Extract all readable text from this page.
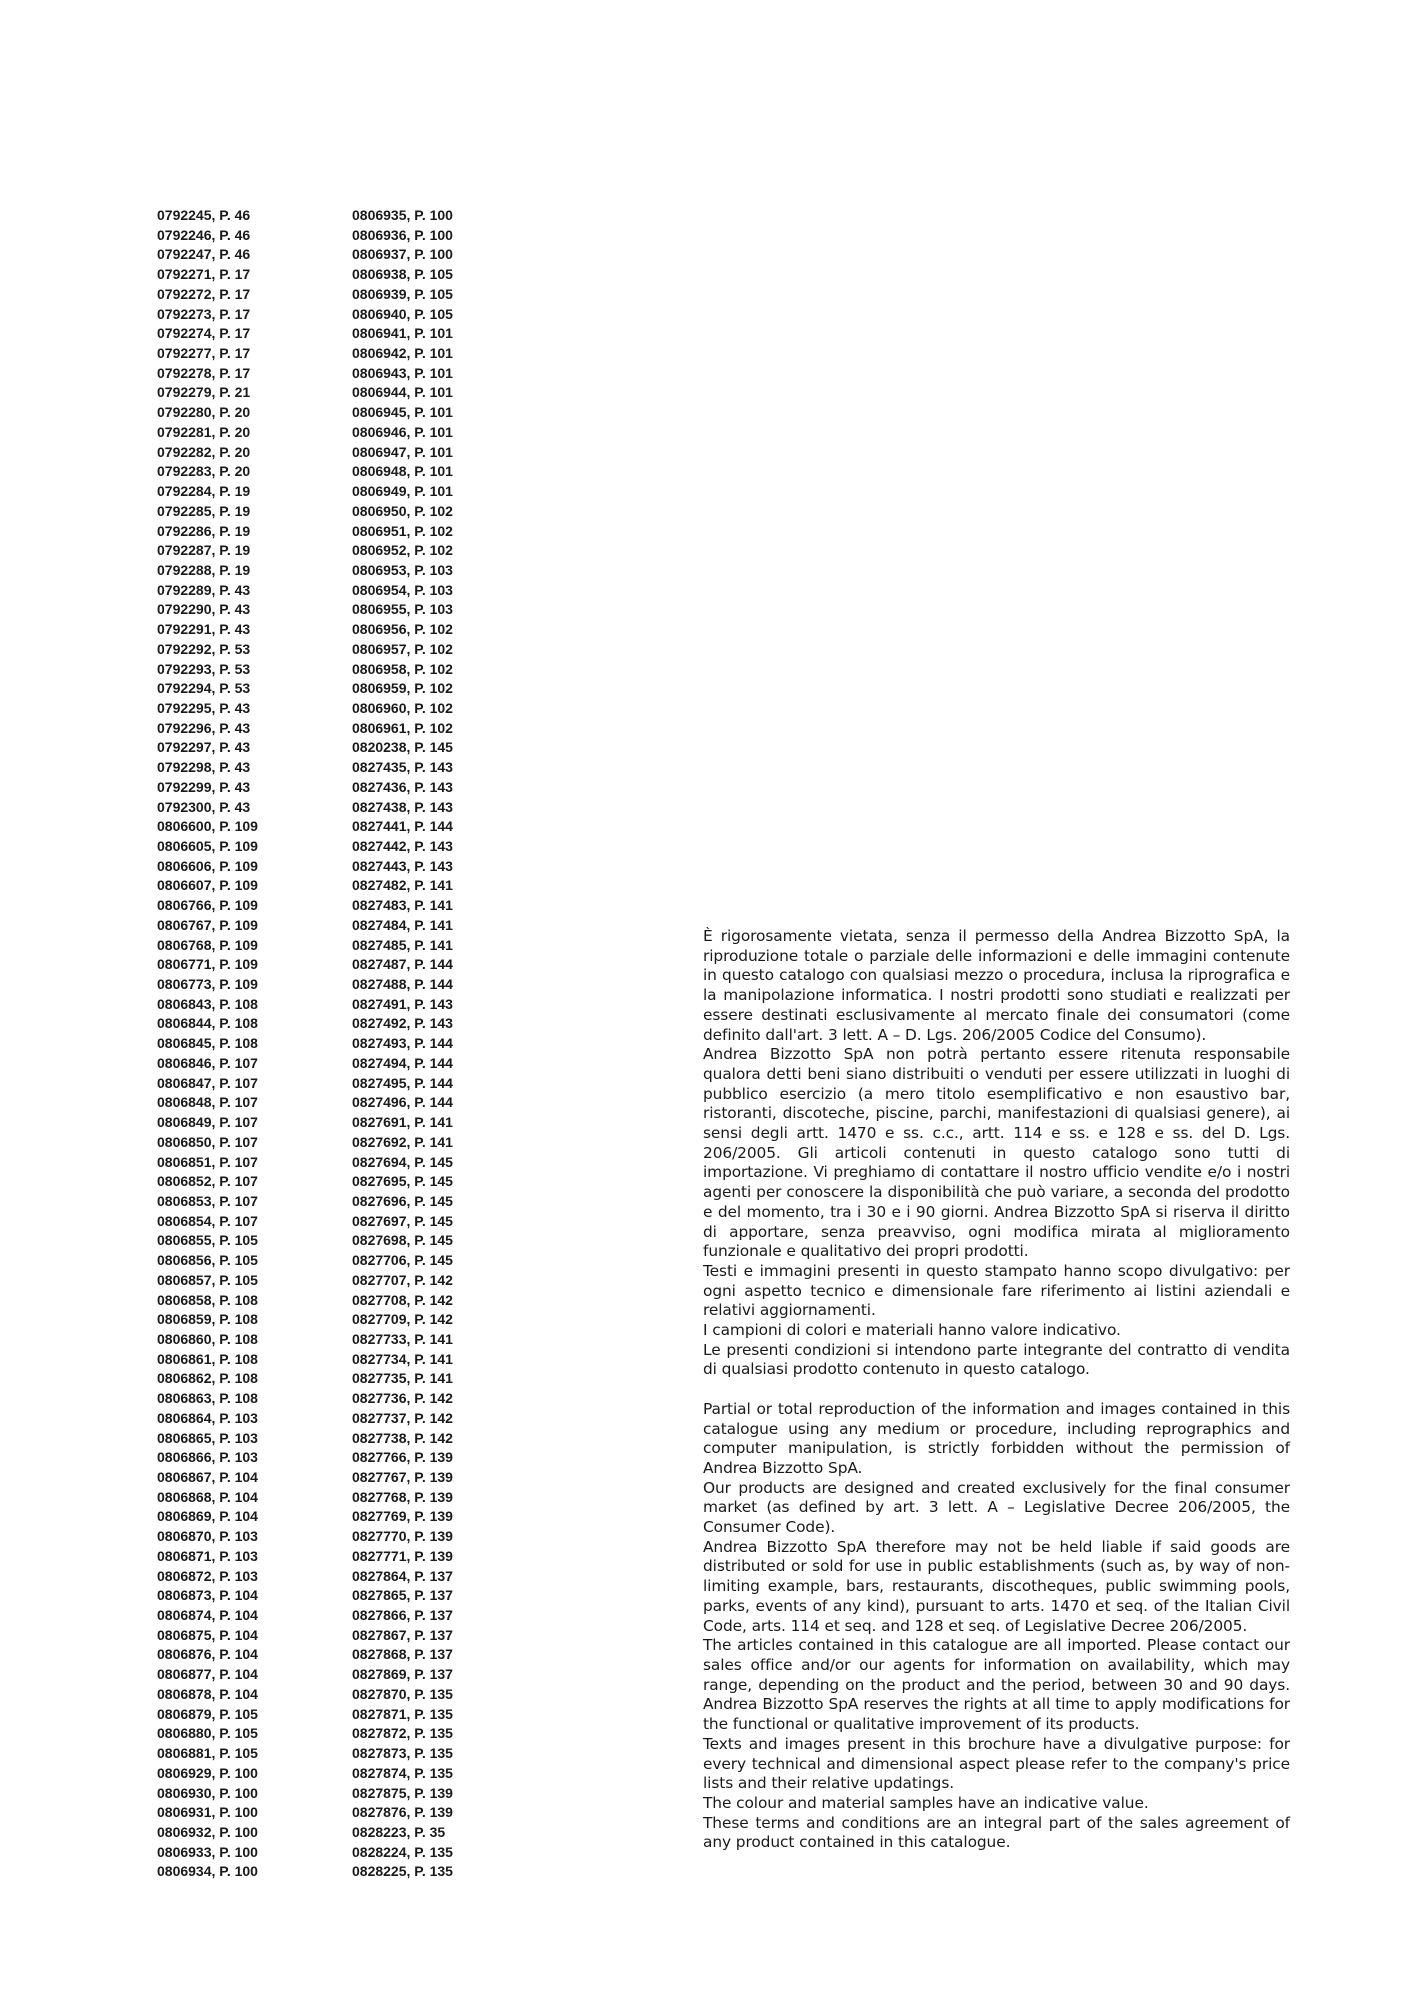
0792245, P. 46
0792246, P. 46
0792247, P. 46
0792271, P. 17
0792272, P. 17
0792273, P. 17
0792274, P. 17
0792277, P. 17
0792278, P. 17
0792279, P. 21
0792280, P. 20
0792281, P. 20
0792282, P. 20
0792283, P. 20
0792284, P. 19
0792285, P. 19
0792286, P. 19
0792287, P. 19
0792288, P. 19
0792289, P. 43
0792290, P. 43
0792291, P. 43
0792292, P. 53
0792293, P. 53
0792294, P. 53
0792295, P. 43
0792296, P. 43
0792297, P. 43
0792298, P. 43
0792299, P. 43
0792300, P. 43
0806600, P. 109
0806605, P. 109
0806606, P. 109
0806607, P. 109
0806766, P. 109
0806767, P. 109
0806768, P. 109
0806771, P. 109
0806773, P. 109
0806843, P. 108
0806844, P. 108
0806845, P. 108
0806846, P. 107
0806847, P. 107
0806848, P. 107
0806849, P. 107
0806850, P. 107
0806851, P. 107
0806852, P. 107
0806853, P. 107
0806854, P. 107
0806855, P. 105
0806856, P. 105
0806857, P. 105
0806858, P. 108
0806859, P. 108
0806860, P. 108
0806861, P. 108
0806862, P. 108
0806863, P. 108
0806864, P. 103
0806865, P. 103
0806866, P. 103
0806867, P. 104
0806868, P. 104
0806869, P. 104
0806870, P. 103
0806871, P. 103
0806872, P. 103
0806873, P. 104
0806874, P. 104
0806875, P. 104
0806876, P. 104
0806877, P. 104
0806878, P. 104
0806879, P. 105
0806880, P. 105
0806881, P. 105
0806929, P. 100
0806930, P. 100
0806931, P. 100
0806932, P. 100
0806933, P. 100
0806934, P. 100
0806935, P. 100
0806936, P. 100
0806937, P. 100
0806938, P. 105
0806939, P. 105
0806940, P. 105
0806941, P. 101
0806942, P. 101
0806943, P. 101
0806944, P. 101
0806945, P. 101
0806946, P. 101
0806947, P. 101
0806948, P. 101
0806949, P. 101
0806950, P. 102
0806951, P. 102
0806952, P. 102
0806953, P. 103
0806954, P. 103
0806955, P. 103
0806956, P. 102
0806957, P. 102
0806958, P. 102
0806959, P. 102
0806960, P. 102
0806961, P. 102
0820238, P. 145
0827435, P. 143
0827436, P. 143
0827438, P. 143
0827441, P. 144
0827442, P. 143
0827443, P. 143
0827482, P. 141
0827483, P. 141
0827484, P. 141
0827485, P. 141
0827487, P. 144
0827488, P. 144
0827491, P. 143
0827492, P. 143
0827493, P. 144
0827494, P. 144
0827495, P. 144
0827496, P. 144
0827691, P. 141
0827692, P. 141
0827694, P. 145
0827695, P. 145
0827696, P. 145
0827697, P. 145
0827698, P. 145
0827706, P. 145
0827707, P. 142
0827708, P. 142
0827709, P. 142
0827733, P. 141
0827734, P. 141
0827735, P. 141
0827736, P. 142
0827737, P. 142
0827738, P. 142
0827766, P. 139
0827767, P. 139
0827768, P. 139
0827769, P. 139
0827770, P. 139
0827771, P. 139
0827864, P. 137
0827865, P. 137
0827866, P. 137
0827867, P. 137
0827868, P. 137
0827869, P. 137
0827870, P. 135
0827871, P. 135
0827872, P. 135
0827873, P. 135
0827874, P. 135
0827875, P. 139
0827876, P. 139
0828223, P. 35
0828224, P. 135
0828225, P. 135

È rigorosamente vietata, senza il permesso della Andrea Bizzotto SpA, la riproduzione totale o parziale delle informazioni e delle immagini contenute in questo catalogo con qualsiasi mezzo o procedura, inclusa la riprografica e la manipolazione informatica. I nostri prodotti sono studiati e realizzati per essere destinati esclusivamente al mercato finale dei consumatori (come definito dall'art. 3 lett. A – D. Lgs. 206/2005 Codice del Consumo).

Andrea Bizzotto SpA non potrà pertanto essere ritenuta responsabile qualora detti beni siano distribuiti o venduti per essere utilizzati in luoghi di pubblico esercizio (a mero titolo esemplificativo e non esaustivo bar, ristoranti, discoteche, piscine, parchi, manifestazioni di qualsiasi genere), ai sensi degli artt. 1470 e ss. c.c., artt. 114 e ss. e 128 e ss. del D. Lgs. 206/2005. Gli articoli contenuti in questo catalogo sono tutti di importazione. Vi preghiamo di contattare il nostro ufficio vendite e/o i nostri agenti per conoscere la disponibilità che può variare, a seconda del prodotto e del momento, tra i 30 e i 90 giorni. Andrea Bizzotto SpA si riserva il diritto di apportare, senza preavviso, ogni modifica mirata al miglioramento funzionale e qualitativo dei propri prodotti.

Testi e immagini presenti in questo stampato hanno scopo divulgativo: per ogni aspetto tecnico e dimensionale fare riferimento ai listini aziendali e relativi aggiornamenti.

I campioni di colori e materiali hanno valore indicativo.

Le presenti condizioni si intendono parte integrante del contratto di vendita di qualsiasi prodotto contenuto in questo catalogo.

Partial or total reproduction of the information and images contained in this catalogue using any medium or procedure, including reprographics and computer manipulation, is strictly forbidden without the permission of Andrea Bizzotto SpA.

Our products are designed and created exclusively for the final consumer market (as defined by art. 3 lett. A – Legislative Decree 206/2005, the Consumer Code).

Andrea Bizzotto SpA therefore may not be held liable if said goods are distributed or sold for use in public establishments (such as, by way of non-limiting example, bars, restaurants, discotheques, public swimming pools, parks, events of any kind), pursuant to arts. 1470 et seq. of the Italian Civil Code, arts. 114 et seq. and 128 et seq. of Legislative Decree 206/2005.

The articles contained in this catalogue are all imported. Please contact our sales office and/or our agents for information on availability, which may range, depending on the product and the period, between 30 and 90 days. Andrea Bizzotto SpA reserves the rights at all time to apply modifications for the functional or qualitative improvement of its products.

Texts and images present in this brochure have a divulgative purpose: for every technical and dimensional aspect please refer to the company's price lists and their relative updatings.

The colour and material samples have an indicative value.

These terms and conditions are an integral part of the sales agreement of any product contained in this catalogue.
